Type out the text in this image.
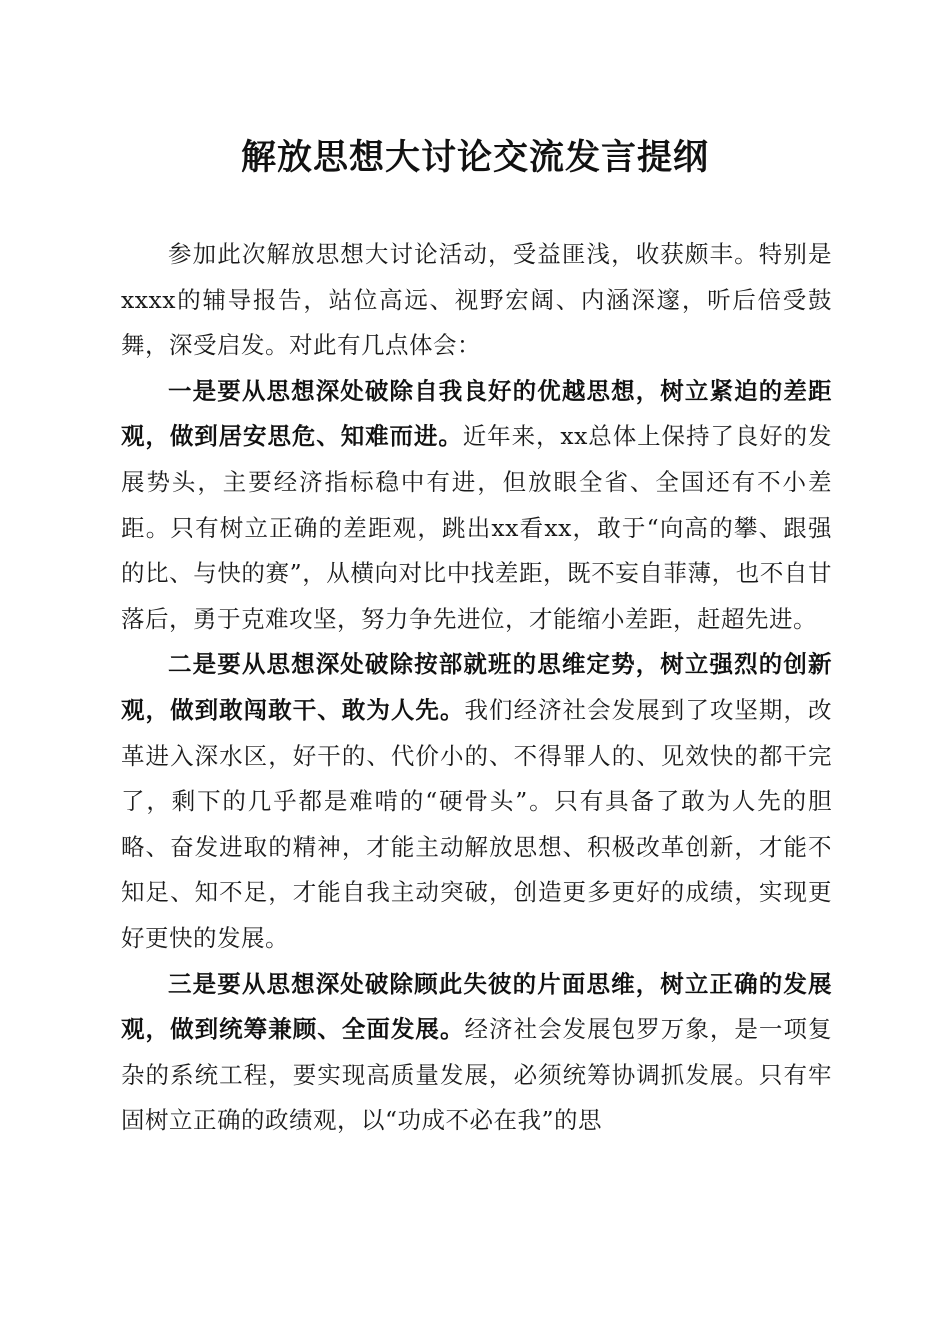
解放思想大讨论交流发言提纲

参加此次解放思想大讨论活动，受益匪浅，收获颇丰。特别是xxxx的辅导报告，站位高远、视野宏阔、内涵深邃，听后倍受鼓舞，深受启发。对此有几点体会：

一是要从思想深处破除自我良好的优越思想，树立紧迫的差距观，做到居安思危、知难而进。近年来，xx总体上保持了良好的发展势头，主要经济指标稳中有进，但放眼全省、全国还有不小差距。只有树立正确的差距观，跳出xx看xx，敢于“向高的攀、跟强的比、与快的赛”，从横向对比中找差距，既不妄自菲薄，也不自甘落后，勇于克难攻坚，努力争先进位，才能缩小差距，赶超先进。

二是要从思想深处破除按部就班的思维定势，树立强烈的创新观，做到敢闯敢干、敢为人先。我们经济社会发展到了攻坚期，改革进入深水区，好干的、代价小的、不得罪人的、见效快的都干完了，剩下的几乎都是难啃的“硬骨头”。只有具备了敢为人先的胆略、奋发进取的精神，才能主动解放思想、积极改革创新，才能不知足、知不足，才能自我主动突破，创造更多更好的成绩，实现更好更快的发展。

三是要从思想深处破除顾此失彼的片面思维，树立正确的发展观，做到统筹兼顾、全面发展。经济社会发展包罗万象，是一项复杂的系统工程，要实现高质量发展，必须统筹协调抓发展。只有牢固树立正确的政绩观，以“功成不必在我”的思
